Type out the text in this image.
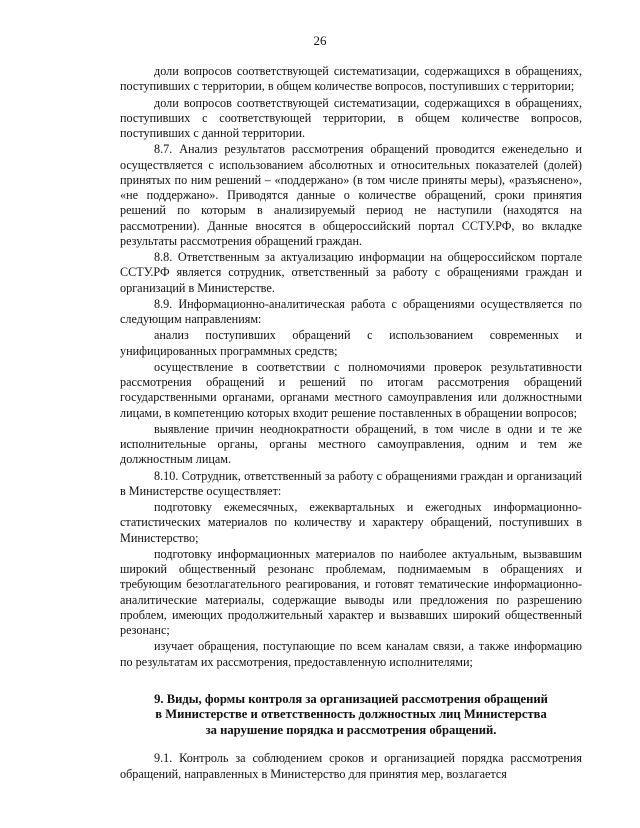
26

доли вопросов соответствующей систематизации, содержащихся в обращениях, поступивших с территории, в общем количестве вопросов, поступивших с территории;

доли вопросов соответствующей систематизации, содержащихся в обращениях, поступивших с соответствующей территории, в общем количестве вопросов, поступивших с данной территории.

8.7. Анализ результатов рассмотрения обращений проводится еженедельно и осуществляется с использованием абсолютных и относительных показателей (долей) принятых по ним решений – «поддержано» (в том числе приняты меры), «разъяснено», «не поддержано». Приводятся данные о количестве обращений, сроки принятия решений по которым в анализируемый период не наступили (находятся на рассмотрении). Данные вносятся в общероссийский портал ССТУ.РФ, во вкладке результаты рассмотрения обращений граждан.

8.8. Ответственным за актуализацию информации на общероссийском портале ССТУ.РФ является сотрудник, ответственный за работу с обращениями граждан и организаций в Министерстве.

8.9. Информационно-аналитическая работа с обращениями осуществляется по следующим направлениям:

анализ поступивших обращений с использованием современных и унифицированных программных средств;

осуществление в соответствии с полномочиями проверок результативности рассмотрения обращений и решений по итогам рассмотрения обращений государственными органами, органами местного самоуправления или должностными лицами, в компетенцию которых входит решение поставленных в обращении вопросов;

выявление причин неоднократности обращений, в том числе в одни и те же исполнительные органы, органы местного самоуправления, одним и тем же должностным лицам.

8.10. Сотрудник, ответственный за работу с обращениями граждан и организаций в Министерстве осуществляет:

подготовку ежемесячных, ежеквартальных и ежегодных информационно-статистических материалов по количеству и характеру обращений, поступивших в Министерство;

подготовку информационных материалов по наиболее актуальным, вызвавшим широкий общественный резонанс проблемам, поднимаемым в обращениях и требующим безотлагательного реагирования, и готовят тематические информационно-аналитические материалы, содержащие выводы или предложения по разрешению проблем, имеющих продолжительный характер и вызвавших широкий общественный резонанс;

изучает обращения, поступающие по всем каналам связи, а также информацию по результатам их рассмотрения, предоставленную исполнителями;

9. Виды, формы контроля за организацией рассмотрения обращений
в Министерстве и ответственность должностных лиц Министерства
за нарушение порядка и рассмотрения обращений.

9.1. Контроль за соблюдением сроков и организацией порядка рассмотрения обращений, направленных в Министерство для принятия мер, возлагается
